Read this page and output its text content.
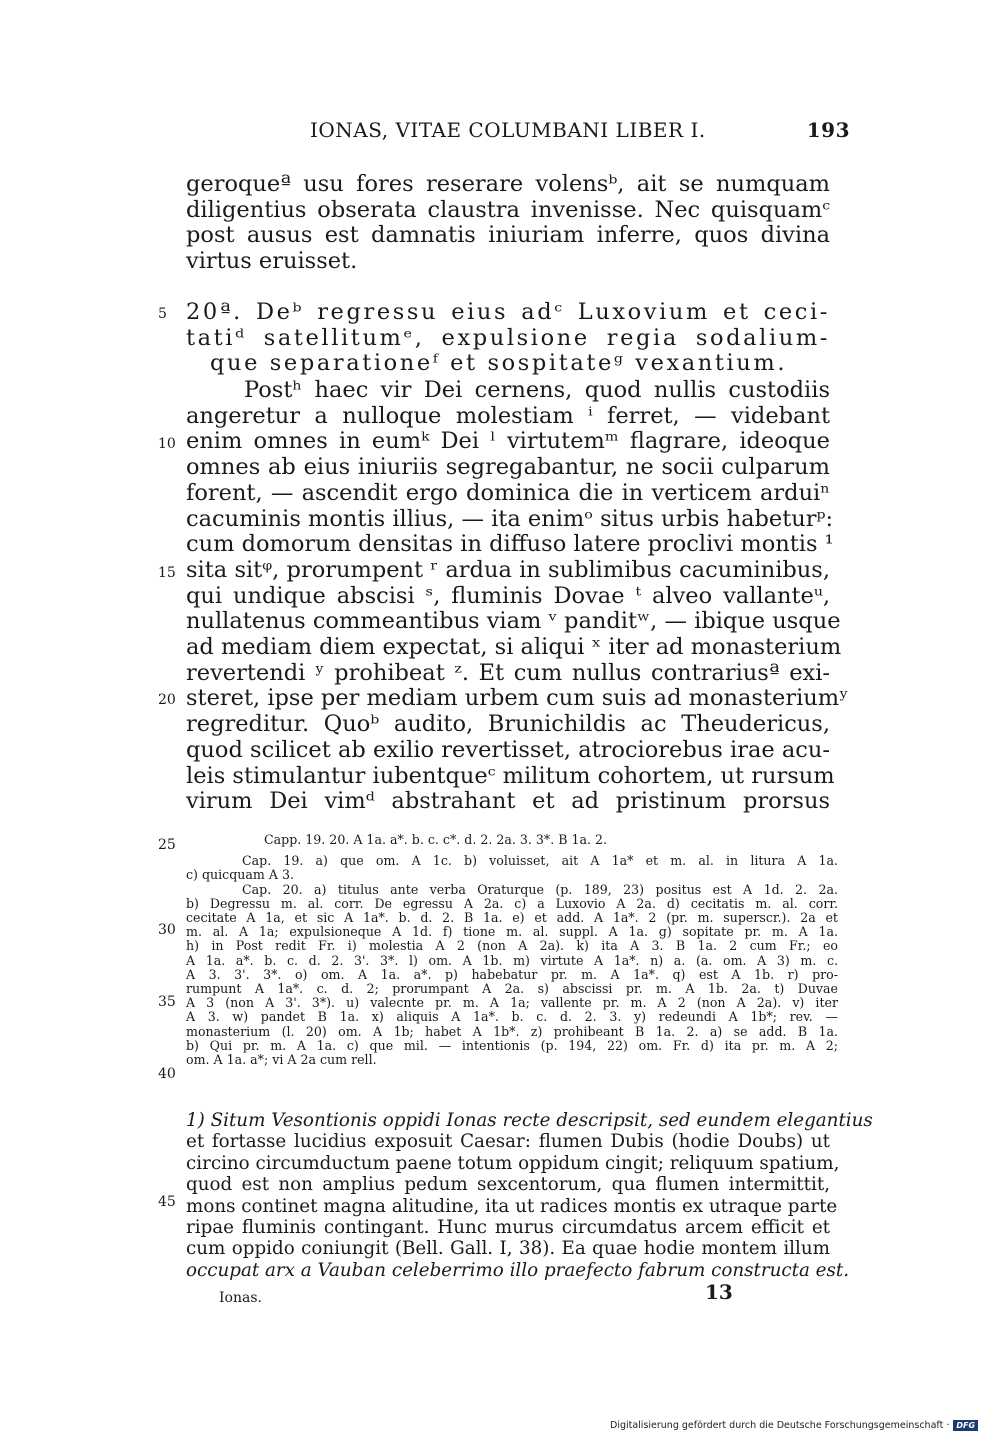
IONAS, VITAE COLUMBANI LIBER I.	193
geroqueª usu fores reserare volensᵇ, ait se numquam
diligentius obserata claustra invenisse. Nec quisquamᶜ
post ausus est damnatis iniuriam inferre, quos divina
virtus eruisset.
20ª. Deᵇ regressu eius adᶜ Luxovium et ceci-
tatiᵈ satellitumᵉ, expulsione regia sodalium-
que separationeᶠ et sospitateᵍ vexantium.
Postʰ haec vir Dei cernens, quod nullis custodiis
angeretur a nulloque molestiam ⁱ ferret, — videbant
enim omnes in eumᵏ Dei ˡ virtutemᵐ flagrare, ideoque
omnes ab eius iniuriis segregabantur, ne socii culparum
forent, — ascendit ergo dominica die in verticem arduiⁿ
cacuminis montis illius, — ita enimᵒ situs urbis habeturᵖ:
cum domorum densitas in diffuso latere proclivi montis ¹
sita sitᵠ, prorumpent ʳ ardua in sublimibus cacuminibus,
qui undique abscisi ˢ, fluminis Dovae ᵗ alveo vallanteᵘ,
nullatenus commeantibus viam ᵛ panditʷ, — ibique usque
ad mediam diem expectat, si aliqui ˣ iter ad monasterium
revertendi ʸ prohibeat ᶻ. Et cum nullus contrariusª exi-
steret, ipse per mediam urbem cum suis ad monasteriumʸ
regreditur. Quoᵇ audito, Brunichildis ac Theudericus,
quod scilicet ab exilio revertisset, atrociorebus irae acu-
leis stimulantur iubentqueᶜ militum cohortem, ut rursum
virum Dei vimᵈ abstrahant et ad pristinum prorsus
5
10
15
20
25
30
35
40
45
Capp. 19. 20. A 1a. a*. b. c. c*. d. 2. 2a. 3. 3*. B 1a. 2.
Cap. 19. a) que om. A 1c. b) voluisset, ait A 1a* et m. al. in litura A 1a.
c) quicquam A 3.
Cap. 20. a) titulus ante verba Oraturque (p. 189, 23) positus est A 1d. 2. 2a.
b) Degressu m. al. corr. De egressu A 2a. c) a Luxovio A 2a. d) cecitatis m. al. corr.
cecitate A 1a, et sic A 1a*. b. d. 2. B 1a. e) et add. A 1a*. 2 (pr. m. superscr.). 2a et
m. al. A 1a; expulsioneque A 1d. f) tione m. al. suppl. A 1a. g) sopitate pr. m. A 1a.
h) in Post redit Fr. i) molestia A 2 (non A 2a). k) ita A 3. B 1a. 2 cum Fr.; eo
A 1a. a*. b. c. d. 2. 3'. 3*. l) om. A 1b. m) virtute A 1a*. n) a. (a. om. A 3) m. c.
A 3. 3'. 3*. o) om. A 1a. a*. p) habebatur pr. m. A 1a*. q) est A 1b. r) pro-
rumpunt A 1a*. c. d. 2; prorumpant A 2a. s) abscissi pr. m. A 1b. 2a. t) Duvae
A 3 (non A 3'. 3*). u) valecnte pr. m. A 1a; vallente pr. m. A 2 (non A 2a). v) iter
A 3. w) pandet B 1a. x) aliquis A 1a*. b. c. d. 2. 3. y) redeundi A 1b*; rev. —
monasterium (l. 20) om. A 1b; habet A 1b*. z) prohibeant B 1a. 2. a) se add. B 1a.
b) Qui pr. m. A 1a. c) que mil. — intentionis (p. 194, 22) om. Fr. d) ita pr. m. A 2;
om. A 1a. a*; vi A 2a cum rell.
1) Situm Vesontionis oppidi Ionas recte descripsit, sed eundem elegantius
et fortasse lucidius exposuit Caesar: flumen Dubis (hodie Doubs) ut
circino circumductum paene totum oppidum cingit; reliquum spatium,
quod est non amplius pedum sexcentorum, qua flumen intermittit,
mons continet magna alitudine, ita ut radices montis ex utraque parte
ripae fluminis contingant. Hunc murus circumdatus arcem efficit et
cum oppido coniungit (Bell. Gall. I, 38). Ea quae hodie montem illum
occupat arx a Vauban celeberrimo illo praefecto fabrum constructa est.
Ionas.	13
Digitalisierung gefördert durch die Deutsche Forschungsgemeinschaft · DFG
